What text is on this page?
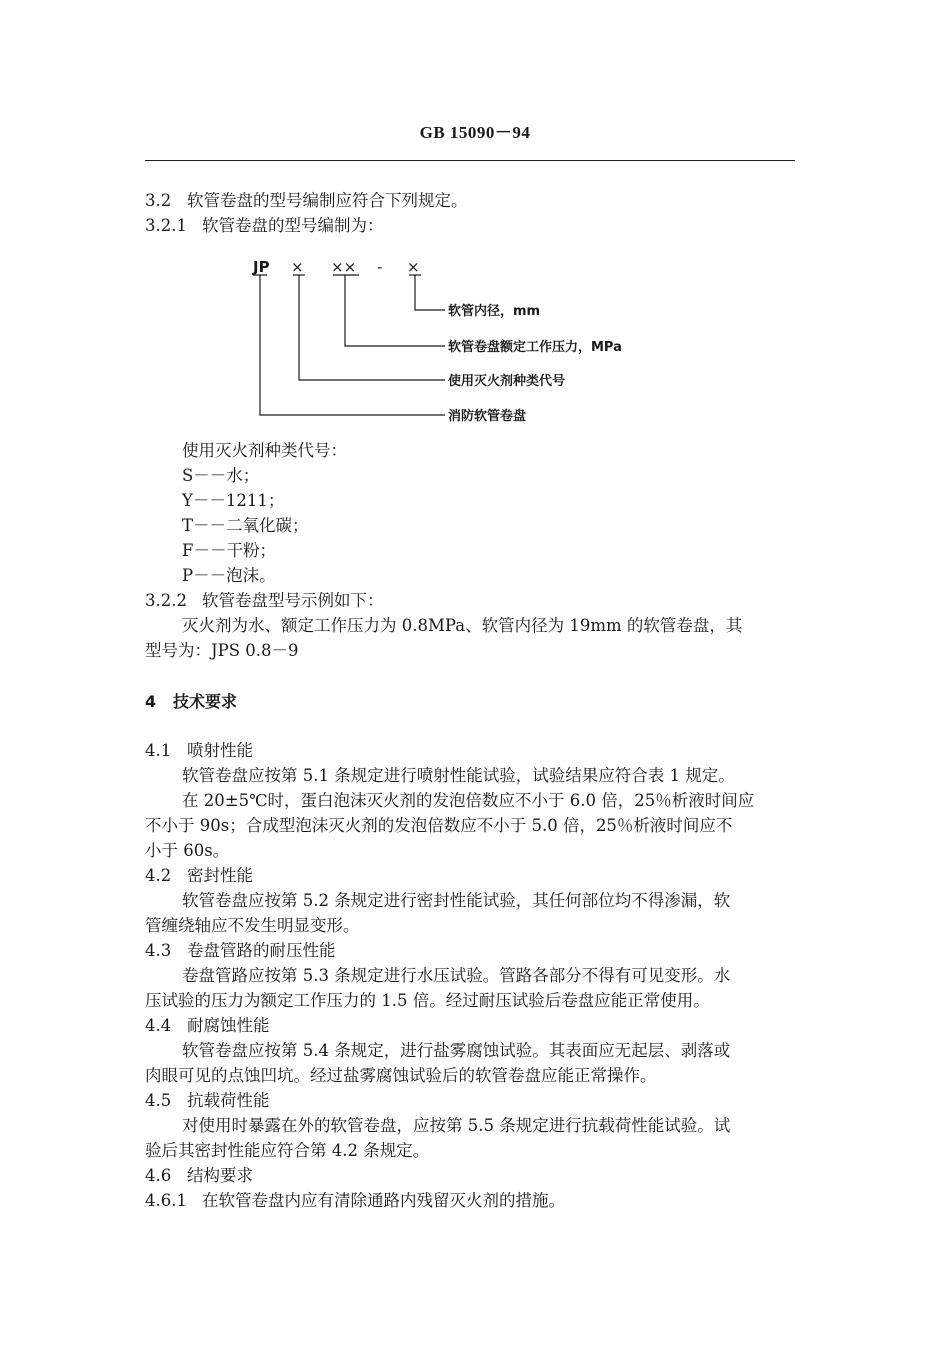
GB 15090－94
3.2 软管卷盘的型号编制应符合下列规定。
3.2.1 软管卷盘的型号编制为：
JP × ×× - ×
软管内径，mm
软管卷盘额定工作压力，MPa
使用灭火剂种类代号
消防软管卷盘
使用灭火剂种类代号：
S－－水；
Y－－1211；
T－－二氧化碳；
F－－干粉；
P－－泡沫。
3.2.2 软管卷盘型号示例如下：
灭火剂为水、额定工作压力为 0.8MPa、软管内径为 19mm 的软管卷盘，其
型号为：JPS 0.8－9
4 技术要求
4.1 喷射性能
软管卷盘应按第 5.1 条规定进行喷射性能试验，试验结果应符合表 1 规定。
在 20±5℃时，蛋白泡沫灭火剂的发泡倍数应不小于 6.0 倍，25％析液时间应
不小于 90s；合成型泡沫灭火剂的发泡倍数应不小于 5.0 倍，25％析液时间应不
小于 60s。
4.2 密封性能
软管卷盘应按第 5.2 条规定进行密封性能试验，其任何部位均不得渗漏，软
管缠绕轴应不发生明显变形。
4.3 卷盘管路的耐压性能
卷盘管路应按第 5.3 条规定进行水压试验。管路各部分不得有可见变形。水
压试验的压力为额定工作压力的 1.5 倍。经过耐压试验后卷盘应能正常使用。
4.4 耐腐蚀性能
软管卷盘应按第 5.4 条规定，进行盐雾腐蚀试验。其表面应无起层、剥落或
肉眼可见的点蚀凹坑。经过盐雾腐蚀试验后的软管卷盘应能正常操作。
4.5 抗载荷性能
对使用时暴露在外的软管卷盘，应按第 5.5 条规定进行抗载荷性能试验。试
验后其密封性能应符合第 4.2 条规定。
4.6 结构要求
4.6.1 在软管卷盘内应有清除通路内残留灭火剂的措施。
